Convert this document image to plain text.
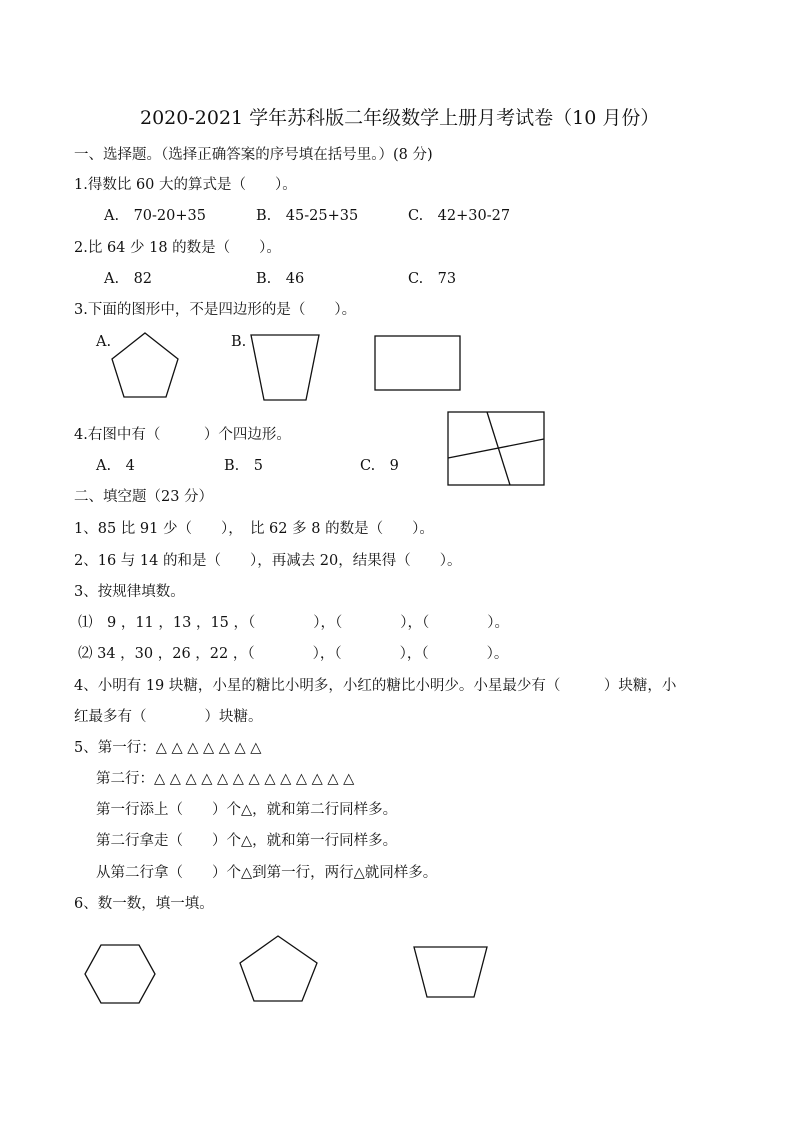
2020-2021 学年苏科版二年级数学上册月考试卷（10 月份）
一、选择题。（选择正确答案的序号填在括号里。）(8 分)
1.得数比 60 大的算式是（　　）。
A.　70-20+35	B.　45-25+35	C.　42+30-27
2.比 64 少 18 的数是（　　）。
A.　82	B.　46	C.　73
3.下面的图形中，不是四边形的是（　　）。
A.	B.
4.右图中有（　　　）个四边形。
A.　4	B.　5	C.　9
二、填空题（23 分）
1、85 比 91 少（　　），　比 62 多 8 的数是（　　）。
2、16 与 14 的和是（　　），再减去 20，结果得（　　）。
3、按规律填数。
⑴　9 ，11 ，13 ，15 ，（　　　　），（　　　　），（　　　　）。
⑵ 34 ，30 ，26 ，22 ，（　　　　），（　　　　），（　　　　）。
4、小明有 19 块糖，小星的糖比小明多，小红的糖比小明少。小星最少有（　　　）块糖，小
红最多有（　　　　）块糖。
5、第一行：△ △ △ △ △ △ △
第二行：△ △ △ △ △ △ △ △ △ △ △ △ △
第一行添上（　　）个△，就和第二行同样多。
第二行拿走（　　）个△，就和第一行同样多。
从第二行拿（　　）个△到第一行，两行△就同样多。
6、数一数，填一填。
